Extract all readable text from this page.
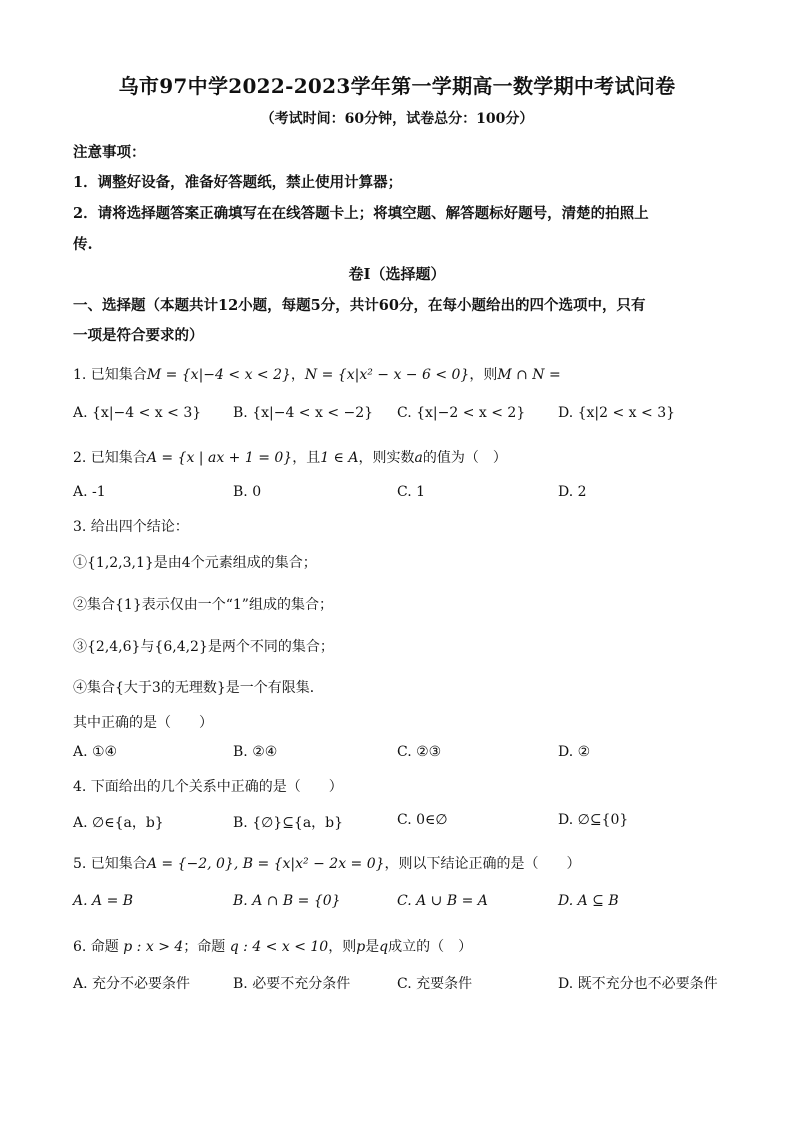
乌市97中学2022-2023学年第一学期高一数学期中考试问卷
（考试时间：60分钟，试卷总分：100分）
注意事项：
1．调整好设备，准备好答题纸，禁止使用计算器；
2．请将选择题答案正确填写在在线答题卡上；将填空题、解答题标好题号，清楚的拍照上
传.
卷Ⅰ（选择题）
一、选择题（本题共计12小题，每题5分，共计60分，在每小题给出的四个选项中，只有
一项是符合要求的）
1. 已知集合M = {x|−4 < x < 2}，N = {x|x² − x − 6 < 0}，则M ∩ N =
A. {x|−4 < x < 3} B. {x|−4 < x < −2} C. {x|−2 < x < 2} D. {x|2 < x < 3}
2. 已知集合A = {x | ax + 1 = 0}，且1 ∈ A，则实数a的值为（　）
A. -1	B. 0	C. 1	D. 2
3. 给出四个结论：
①{1,2,3,1}是由4个元素组成的集合；
②集合{1}表示仅由一个“1”组成的集合；
③{2,4,6}与{6,4,2}是两个不同的集合；
④集合{大于3的无理数}是一个有限集．
其中正确的是（　　）
A. ①④	B. ②④	C. ②③	D. ②
4. 下面给出的几个关系中正确的是（　　）
A. ∅∈{a，b}	B. {∅}⊆{a，b}	C. 0∈∅	D. ∅⊆{0}
5. 已知集合A = {−2, 0}, B = {x|x² − 2x = 0}，则以下结论正确的是（　　）
A. A = B	B. A ∩ B = {0}	C. A ∪ B = A	D. A ⊆ B
6. 命题 p : x > 4；命题 q : 4 < x < 10，则p是q成立的（　）
A. 充分不必要条件	B. 必要不充分条件	C. 充要条件	D. 既不充分也不必要条件
